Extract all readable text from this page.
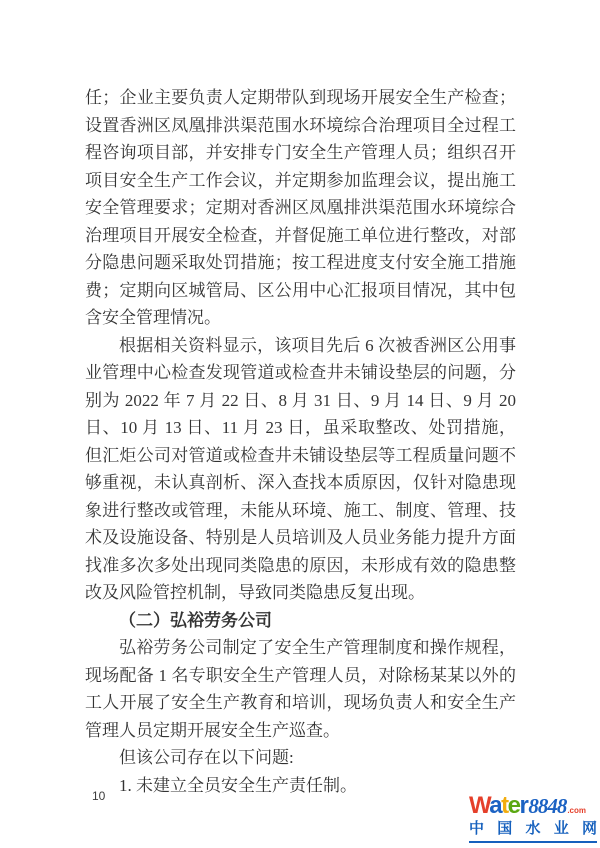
任；企业主要负责人定期带队到现场开展安全生产检查；设置香洲区凤凰排洪渠范围水环境综合治理项目全过程工程咨询项目部，并安排专门安全生产管理人员；组织召开项目安全生产工作会议，并定期参加监理会议，提出施工安全管理要求；定期对香洲区凤凰排洪渠范围水环境综合治理项目开展安全检查，并督促施工单位进行整改，对部分隐患问题采取处罚措施；按工程进度支付安全施工措施费；定期向区城管局、区公用中心汇报项目情况，其中包含安全管理情况。

根据相关资料显示，该项目先后 6 次被香洲区公用事业管理中心检查发现管道或检查井未铺设垫层的问题，分别为 2022 年 7 月 22 日、8 月 31 日、9 月 14 日、9 月 20 日、10 月 13 日、11 月 23 日，虽采取整改、处罚措施，但汇炬公司对管道或检查井未铺设垫层等工程质量问题不够重视，未认真剖析、深入查找本质原因，仅针对隐患现象进行整改或管理，未能从环境、施工、制度、管理、技术及设施设备、特别是人员培训及人员业务能力提升方面找准多次多处出现同类隐患的原因，未形成有效的隐患整改及风险管控机制，导致同类隐患反复出现。

（二）弘裕劳务公司

弘裕劳务公司制定了安全生产管理制度和操作规程，现场配备 1 名专职安全生产管理人员，对除杨某某以外的工人开展了安全生产教育和培训，现场负责人和安全生产管理人员定期开展安全生产巡查。

但该公司存在以下问题:

1. 未建立全员安全生产责任制。

10	Water 8848 .com
中 国 水 业 网
